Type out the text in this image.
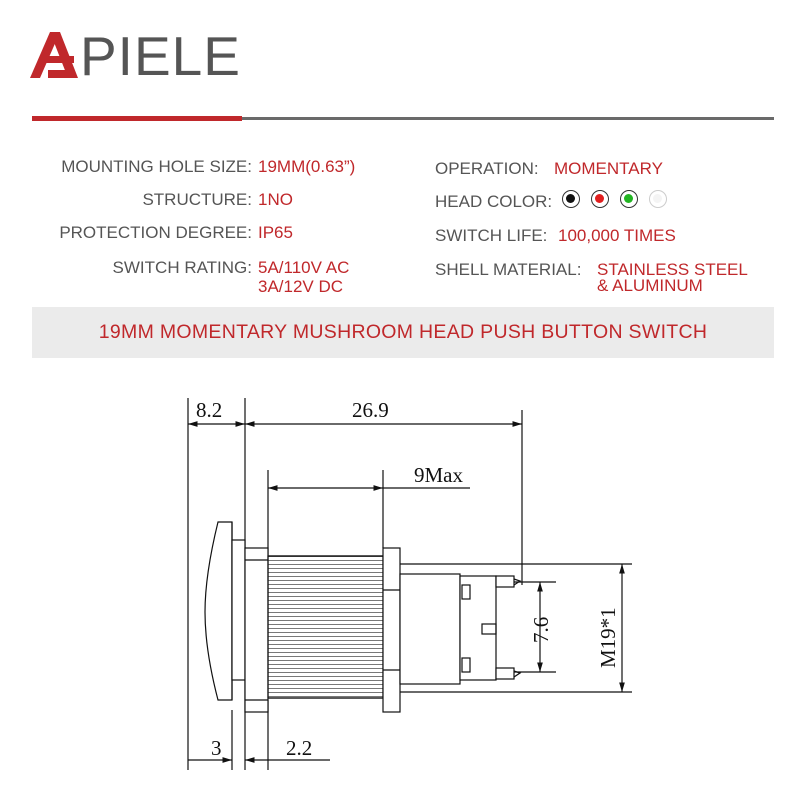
PIELE
MOUNTING HOLE SIZE: 19MM(0.63”)
STRUCTURE: 1NO
PROTECTION DEGREE: IP65
SWITCH RATING: 5A/110V AC
3A/12V DC
OPERATION: MOMENTARY
HEAD COLOR:
SWITCH LIFE: 100,000 TIMES
SHELL MATERIAL: STAINLESS STEEL
& ALUMINUM
19MM MOMENTARY MUSHROOM HEAD PUSH BUTTON SWITCH
8.2	26.9
9Max
7.6 M19*1
3	2.2
